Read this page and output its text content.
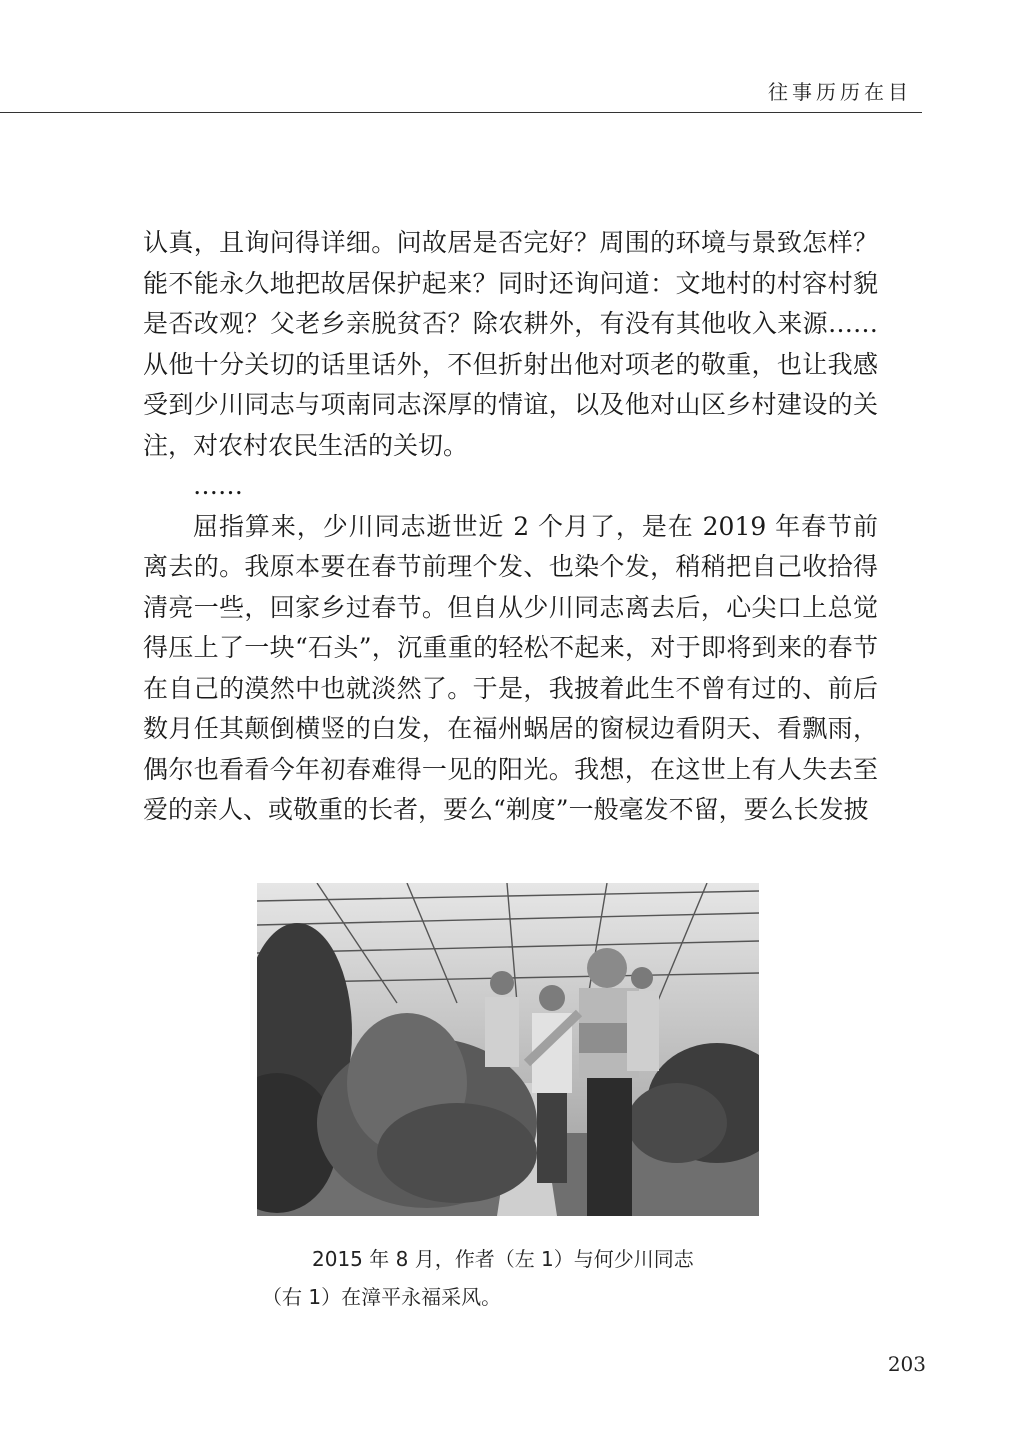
往事历历在目

认真，且询问得详细。问故居是否完好？周围的环境与景致怎样？能不能永久地把故居保护起来？同时还询问道：文地村的村容村貌是否改观？父老乡亲脱贫否？除农耕外，有没有其他收入来源……从他十分关切的话里话外，不但折射出他对项老的敬重，也让我感受到少川同志与项南同志深厚的情谊，以及他对山区乡村建设的关注，对农村农民生活的关切。

……

屈指算来，少川同志逝世近 2 个月了，是在 2019 年春节前离去的。我原本要在春节前理个发、也染个发，稍稍把自己收拾得清亮一些，回家乡过春节。但自从少川同志离去后，心尖口上总觉得压上了一块“石头”，沉重重的轻松不起来，对于即将到来的春节在自己的漠然中也就淡然了。于是，我披着此生不曾有过的、前后数月任其颠倒横竖的白发，在福州蜗居的窗棂边看阴天、看飘雨，偶尔也看看今年初春难得一见的阳光。我想，在这世上有人失去至爱的亲人、或敬重的长者，要么“剃度”一般毫发不留，要么长发披

2015 年 8 月，作者（左 1）与何少川同志

（右 1）在漳平永福采风。

203
